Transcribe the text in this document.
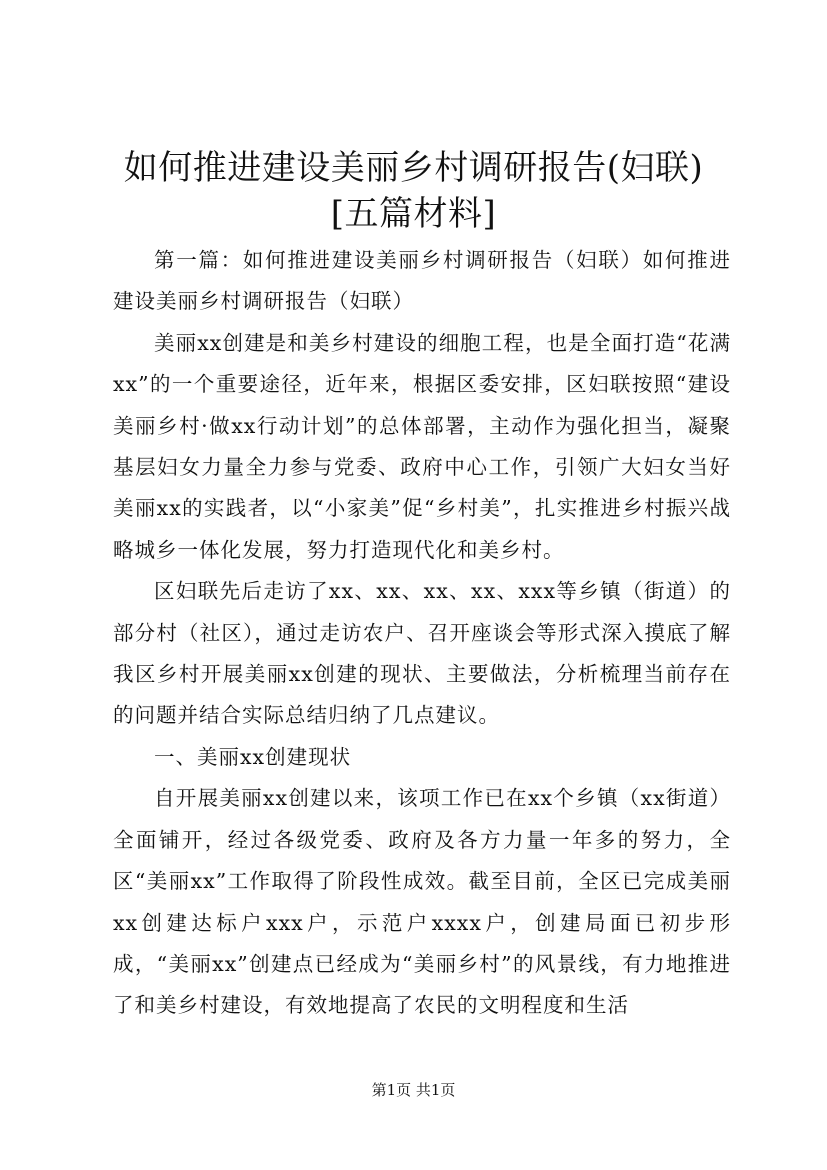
如何推进建设美丽乡村调研报告(妇联)[五篇材料]

第一篇：如何推进建设美丽乡村调研报告（妇联）如何推进建设美丽乡村调研报告（妇联）

美丽xx创建是和美乡村建设的细胞工程，也是全面打造“花满xx”的一个重要途径，近年来，根据区委安排，区妇联按照“建设美丽乡村·做xx行动计划”的总体部署，主动作为强化担当，凝聚基层妇女力量全力参与党委、政府中心工作，引领广大妇女当好美丽xx的实践者，以“小家美”促“乡村美”，扎实推进乡村振兴战略城乡一体化发展，努力打造现代化和美乡村。

区妇联先后走访了xx、xx、xx、xx、xxx等乡镇（街道）的部分村（社区），通过走访农户、召开座谈会等形式深入摸底了解我区乡村开展美丽xx创建的现状、主要做法，分析梳理当前存在的问题并结合实际总结归纳了几点建议。

一、美丽xx创建现状

自开展美丽xx创建以来，该项工作已在xx个乡镇（xx街道）全面铺开，经过各级党委、政府及各方力量一年多的努力，全区“美丽xx”工作取得了阶段性成效。截至目前，全区已完成美丽xx创建达标户xxx户，示范户xxxx户，创建局面已初步形成，“美丽xx”创建点已经成为“美丽乡村”的风景线，有力地推进了和美乡村建设，有效地提高了农民的文明程度和生活

第1页 共1页
